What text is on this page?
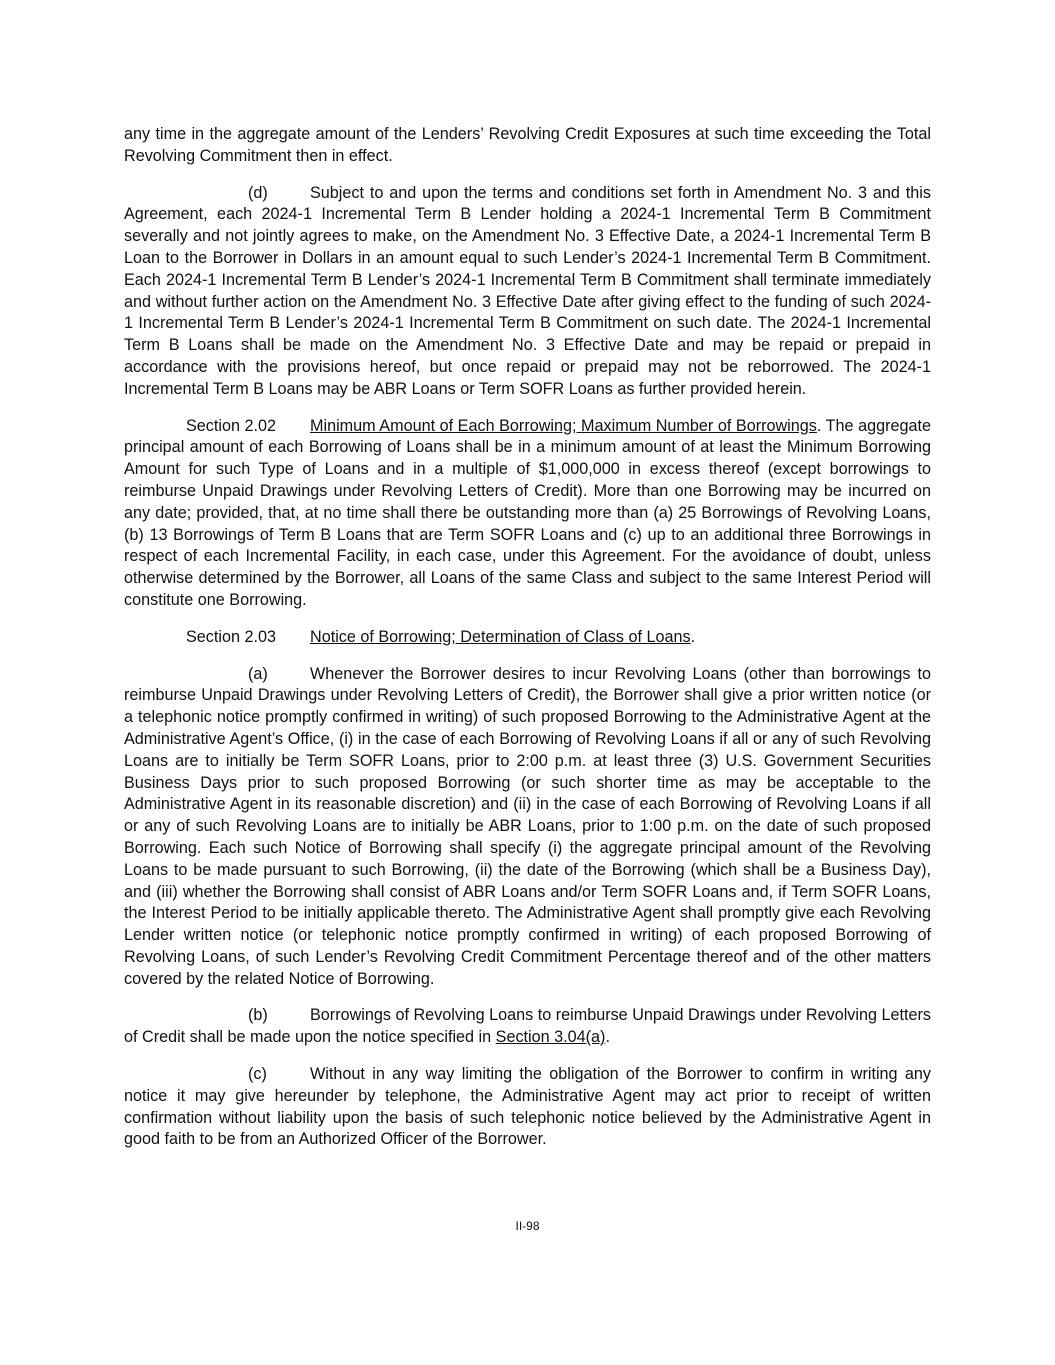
any time in the aggregate amount of the Lenders’ Revolving Credit Exposures at such time exceeding the Total Revolving Commitment then in effect.

(d)	Subject to and upon the terms and conditions set forth in Amendment No. 3 and this Agreement, each 2024-1 Incremental Term B Lender holding a 2024-1 Incremental Term B Commitment severally and not jointly agrees to make, on the Amendment No. 3 Effective Date, a 2024-1 Incremental Term B Loan to the Borrower in Dollars in an amount equal to such Lender’s 2024-1 Incremental Term B Commitment. Each 2024-1 Incremental Term B Lender’s 2024-1 Incremental Term B Commitment shall terminate immediately and without further action on the Amendment No. 3 Effective Date after giving effect to the funding of such 2024-1 Incremental Term B Lender’s 2024-1 Incremental Term B Commitment on such date. The 2024-1 Incremental Term B Loans shall be made on the Amendment No. 3 Effective Date and may be repaid or prepaid in accordance with the provisions hereof, but once repaid or prepaid may not be reborrowed. The 2024-1 Incremental Term B Loans may be ABR Loans or Term SOFR Loans as further provided herein.

Section 2.02 Minimum Amount of Each Borrowing; Maximum Number of Borrowings. The aggregate principal amount of each Borrowing of Loans shall be in a minimum amount of at least the Minimum Borrowing Amount for such Type of Loans and in a multiple of $1,000,000 in excess thereof (except borrowings to reimburse Unpaid Drawings under Revolving Letters of Credit). More than one Borrowing may be incurred on any date; provided, that, at no time shall there be outstanding more than (a) 25 Borrowings of Revolving Loans, (b) 13 Borrowings of Term B Loans that are Term SOFR Loans and (c) up to an additional three Borrowings in respect of each Incremental Facility, in each case, under this Agreement. For the avoidance of doubt, unless otherwise determined by the Borrower, all Loans of the same Class and subject to the same Interest Period will constitute one Borrowing.

Section 2.03 Notice of Borrowing; Determination of Class of Loans.

(a)	Whenever the Borrower desires to incur Revolving Loans (other than borrowings to reimburse Unpaid Drawings under Revolving Letters of Credit), the Borrower shall give a prior written notice (or a telephonic notice promptly confirmed in writing) of such proposed Borrowing to the Administrative Agent at the Administrative Agent’s Office, (i) in the case of each Borrowing of Revolving Loans if all or any of such Revolving Loans are to initially be Term SOFR Loans, prior to 2:00 p.m. at least three (3) U.S. Government Securities Business Days prior to such proposed Borrowing (or such shorter time as may be acceptable to the Administrative Agent in its reasonable discretion) and (ii) in the case of each Borrowing of Revolving Loans if all or any of such Revolving Loans are to initially be ABR Loans, prior to 1:00 p.m. on the date of such proposed Borrowing. Each such Notice of Borrowing shall specify (i) the aggregate principal amount of the Revolving Loans to be made pursuant to such Borrowing, (ii) the date of the Borrowing (which shall be a Business Day), and (iii) whether the Borrowing shall consist of ABR Loans and/or Term SOFR Loans and, if Term SOFR Loans, the Interest Period to be initially applicable thereto. The Administrative Agent shall promptly give each Revolving Lender written notice (or telephonic notice promptly confirmed in writing) of each proposed Borrowing of Revolving Loans, of such Lender’s Revolving Credit Commitment Percentage thereof and of the other matters covered by the related Notice of Borrowing.

(b)	Borrowings of Revolving Loans to reimburse Unpaid Drawings under Revolving Letters of Credit shall be made upon the notice specified in Section 3.04(a).

(c)	Without in any way limiting the obligation of the Borrower to confirm in writing any notice it may give hereunder by telephone, the Administrative Agent may act prior to receipt of written confirmation without liability upon the basis of such telephonic notice believed by the Administrative Agent in good faith to be from an Authorized Officer of the Borrower.

II-98
